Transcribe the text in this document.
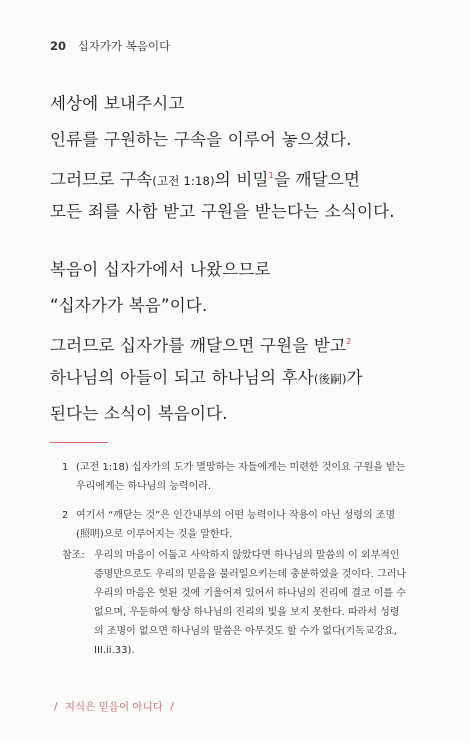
20 십자가가 복음이다
세상에 보내주시고
인류를 구원하는 구속을 이루어 놓으셨다.
그러므로 구속(고전 1:18)의 비밀$^1$을 깨달으면
모든 죄를 사함 받고 구원을 받는다는 소식이다.
복음이 십자가에서 나왔으므로
“십자가가 복음”이다.
그러므로 십자가를 깨달으면 구원을 받고$^2$
하나님의 아들이 되고 하나님의 후사(後嗣)가
된다는 소식이 복음이다.
1 (고전 1:18) 십자가의 도가 멸망하는 자들에게는 미련한 것이요 구원을 받는 우리에게는 하나님의 능력이라.
2 여기서 “깨닫는 것”은 인간내부의 어떤 능력이나 작용이 아닌 성령의 조명(照明)으로 이루어지는 것을 말한다.
참조: 우리의 마음이 어둡고 사악하지 않았다면 하나님의 말씀의 이 외부적인 증명만으로도 우리의 믿음을 불러일으키는데 충분하였을 것이다. 그러나 우리의 마음은 헛된 것에 기울어져 있어서 하나님의 진리에 결코 이를 수 없으며, 우둔하여 항상 하나님의 진리의 빛을 보지 못한다. 따라서 성령의 조명이 없으면 하나님의 말씀은 아무것도 할 수가 없다(기독교강요, III.ii.33).
/ 지식은 믿음이 아니다 /
